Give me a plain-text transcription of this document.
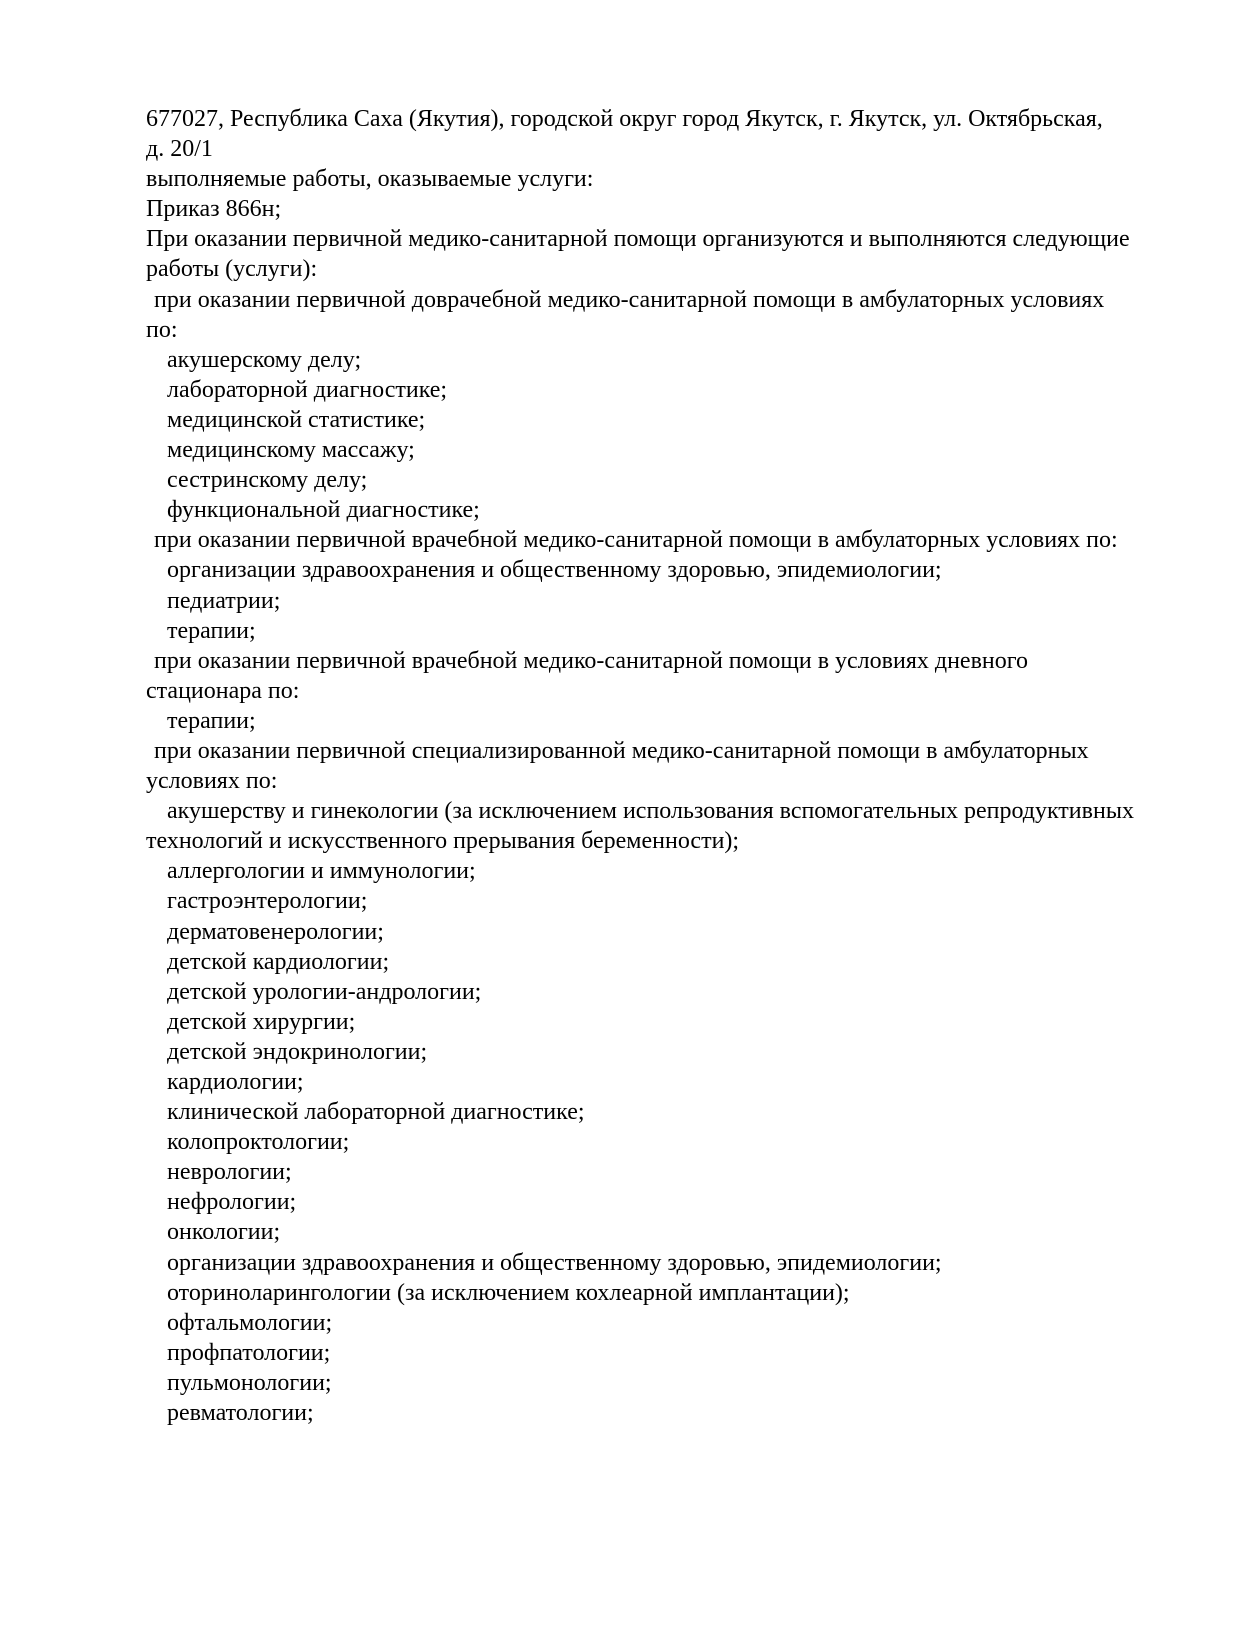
677027, Республика Саха (Якутия), городской округ город Якутск, г. Якутск, ул. Октябрьская,
д. 20/1
выполняемые работы, оказываемые услуги:
Приказ 866н;
При оказании первичной медико-санитарной помощи организуются и выполняются следующие
работы (услуги):
при оказании первичной доврачебной медико-санитарной помощи в амбулаторных условиях
по:
акушерскому делу;
лабораторной диагностике;
медицинской статистике;
медицинскому массажу;
сестринскому делу;
функциональной диагностике;
при оказании первичной врачебной медико-санитарной помощи в амбулаторных условиях по:
организации здравоохранения и общественному здоровью, эпидемиологии;
педиатрии;
терапии;
при оказании первичной врачебной медико-санитарной помощи в условиях дневного
стационара по:
терапии;
при оказании первичной специализированной медико-санитарной помощи в амбулаторных
условиях по:
акушерству и гинекологии (за исключением использования вспомогательных репродуктивных
технологий и искусственного прерывания беременности);
аллергологии и иммунологии;
гастроэнтерологии;
дерматовенерологии;
детской кардиологии;
детской урологии-андрологии;
детской хирургии;
детской эндокринологии;
кардиологии;
клинической лабораторной диагностике;
колопроктологии;
неврологии;
нефрологии;
онкологии;
организации здравоохранения и общественному здоровью, эпидемиологии;
оториноларингологии (за исключением кохлеарной имплантации);
офтальмологии;
профпатологии;
пульмонологии;
ревматологии;
